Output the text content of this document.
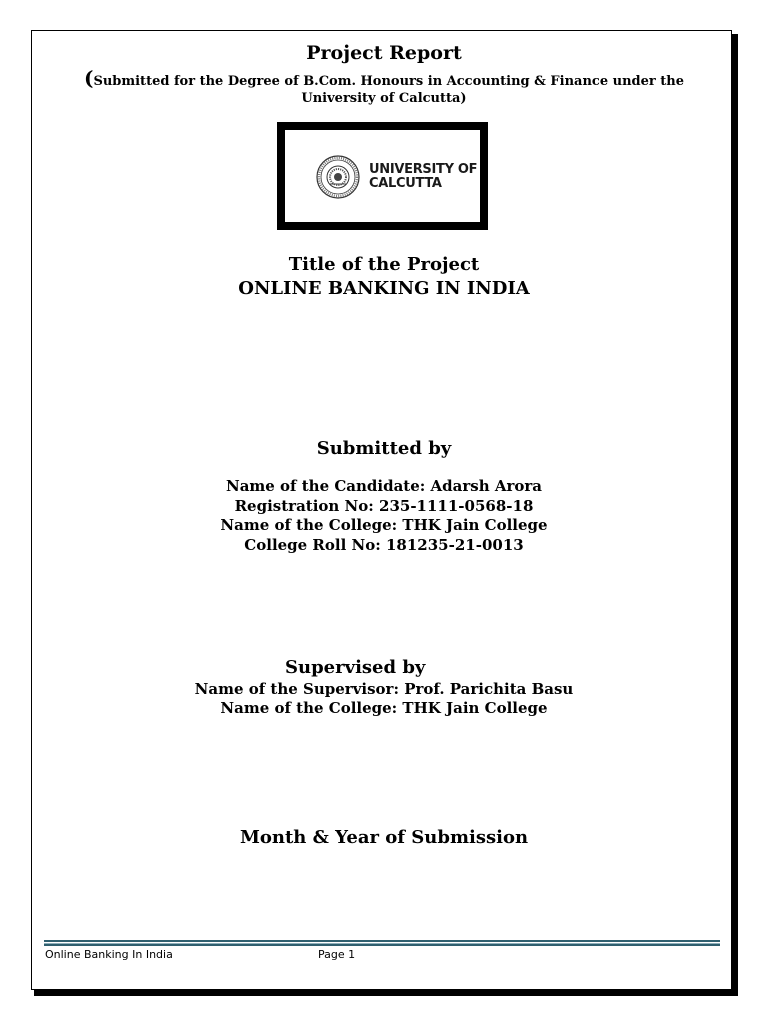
Project Report
(Submitted for the Degree of B.Com. Honours in Accounting & Finance under the University of Calcutta)
UNIVERSITY OF
CALCUTTA
Title of the Project
ONLINE BANKING IN INDIA
Submitted by
Name of the Candidate: Adarsh Arora
Registration No: 235-1111-0568-18
Name of the College: THK Jain College
College Roll No: 181235-21-0013
Supervised by
Name of the Supervisor: Prof. Parichita Basu
Name of the College: THK Jain College
Month & Year of Submission
Online Banking In India	Page 1
